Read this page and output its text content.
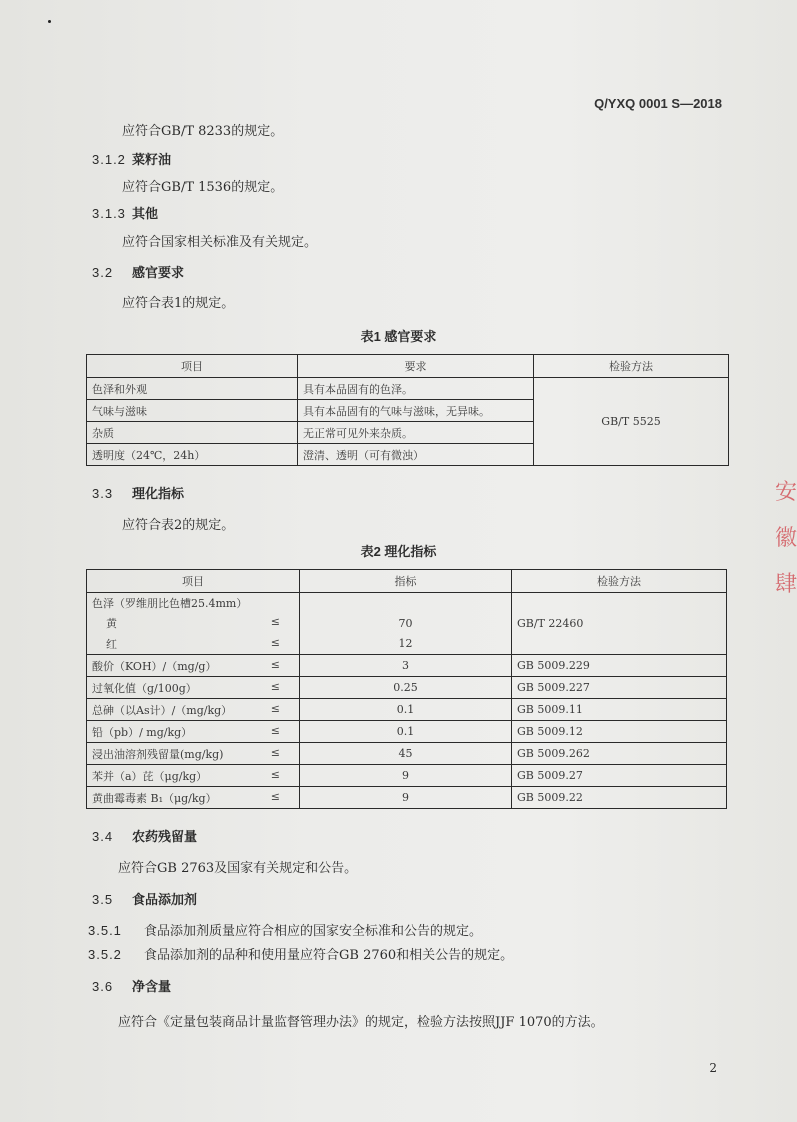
Q/YXQ 0001 S—2018
应符合GB/T 8233的规定。
3.1.2 菜籽油
应符合GB/T 1536的规定。
3.1.3 其他
应符合国家相关标准及有关规定。
3.2 感官要求
应符合表1的规定。
表1 感官要求
项目	要求	检验方法
色泽和外观	具有本品固有的色泽。	GB/T 5525
气味与滋味	具有本品固有的气味与滋味，无异味。	
杂质	无正常可见外来杂质。	
透明度（24℃，24h）	澄清、透明（可有微浊）	
3.3 理化指标
应符合表2的规定。
表2 理化指标
项目	指标	检验方法
色泽（罗维朋比色槽25.4mm）		GB/T 22460

黄 ≤	70	

红 ≤	12	

酸价（KOH）/（mg/g） ≤	3	GB 5009.229

过氧化值（g/100g） ≤	0.25	GB 5009.227

总砷（以As计）/（mg/kg） ≤	0.1	GB 5009.11

铅（pb）/ mg/kg） ≤	0.1	GB 5009.12

浸出油溶剂残留量(mg/kg) ≤	45	GB 5009.262

苯并（a）芘（μg/kg） ≤	9	GB 5009.27

黄曲霉毒素 B₁（μg/kg） ≤	9	GB 5009.22
3.4 农药残留量
应符合GB 2763及国家有关规定和公告。
3.5 食品添加剂
3.5.1 食品添加剂质量应符合相应的国家安全标准和公告的规定。
3.5.2 食品添加剂的品种和使用量应符合GB 2760和相关公告的规定。
3.6 净含量
应符合《定量包装商品计量监督管理办法》的规定，检验方法按照JJF 1070的方法。
安
徽
肆
2
